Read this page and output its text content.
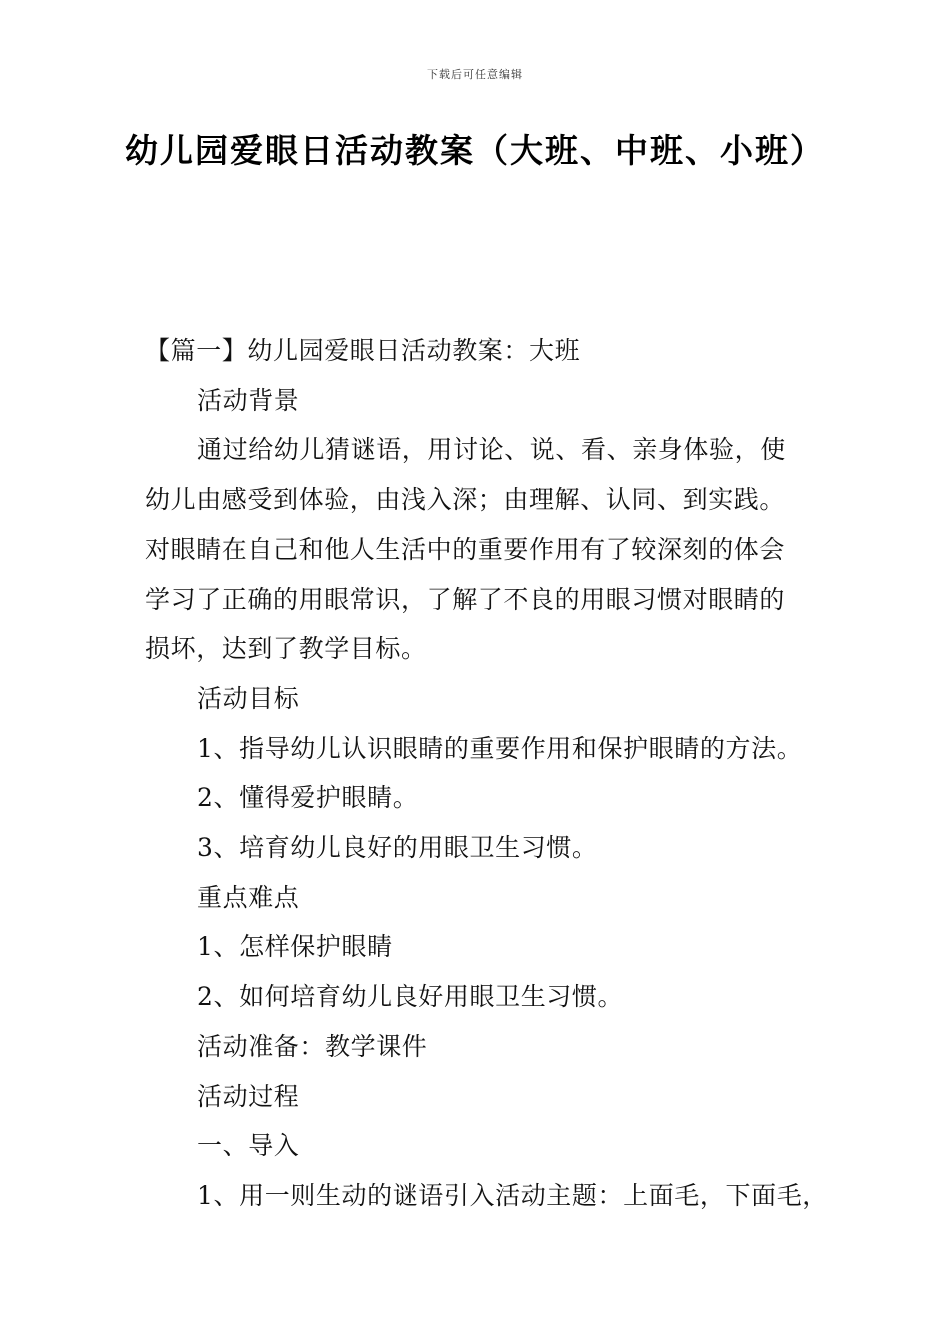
下载后可任意编辑
幼儿园爱眼日活动教案（大班、中班、小班）

【篇一】幼儿园爱眼日活动教案：大班

活动背景

通过给幼儿猜谜语，用讨论、说、看、亲身体验，使

幼儿由感受到体验，由浅入深；由理解、认同、到实践。

对眼睛在自己和他人生活中的重要作用有了较深刻的体会

学习了正确的用眼常识，了解了不良的用眼习惯对眼睛的

损坏，达到了教学目标。

活动目标

1、指导幼儿认识眼睛的重要作用和保护眼睛的方法。

2、懂得爱护眼睛。

3、培育幼儿良好的用眼卫生习惯。

重点难点

1、怎样保护眼睛

2、如何培育幼儿良好用眼卫生习惯。

活动准备：教学课件

活动过程

一、导入

1、用一则生动的谜语引入活动主题：上面毛，下面毛，
